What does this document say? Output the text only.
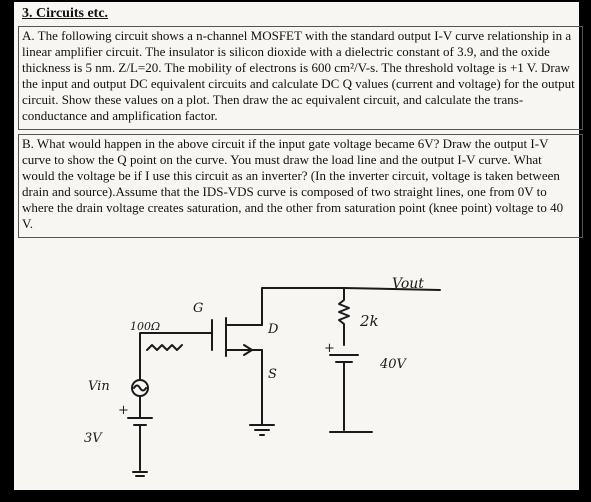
3. Circuits etc.
A. The following circuit shows a n-channel MOSFET with the standard output I-V curve relationship in a linear amplifier circuit. The insulator is silicon dioxide with a dielectric constant of 3.9, and the oxide thickness is 5 nm. Z/L=20. The mobility of electrons is 600 cm²/V-s. The threshold voltage is +1 V. Draw the input and output DC equivalent circuits and calculate DC Q values (current and voltage) for the output circuit. Show these values on a plot. Then draw the ac equivalent circuit, and calculate the trans-conductance and amplification factor.
B. What would happen in the above circuit if the input gate voltage became 6V? Draw the output I-V curve to show the Q point on the curve. You must draw the load line and the output I-V curve. What would the voltage be if I use this circuit as an inverter? (In the inverter circuit, voltage is taken between drain and source).Assume that the IDS-VDS curve is composed of two straight lines, one from 0V to where the drain voltage creates saturation, and the other from saturation point (knee point) voltage to 40 V.
100Ω
G
D
S
2k
Vout
40V
Vin
3V
+
+
